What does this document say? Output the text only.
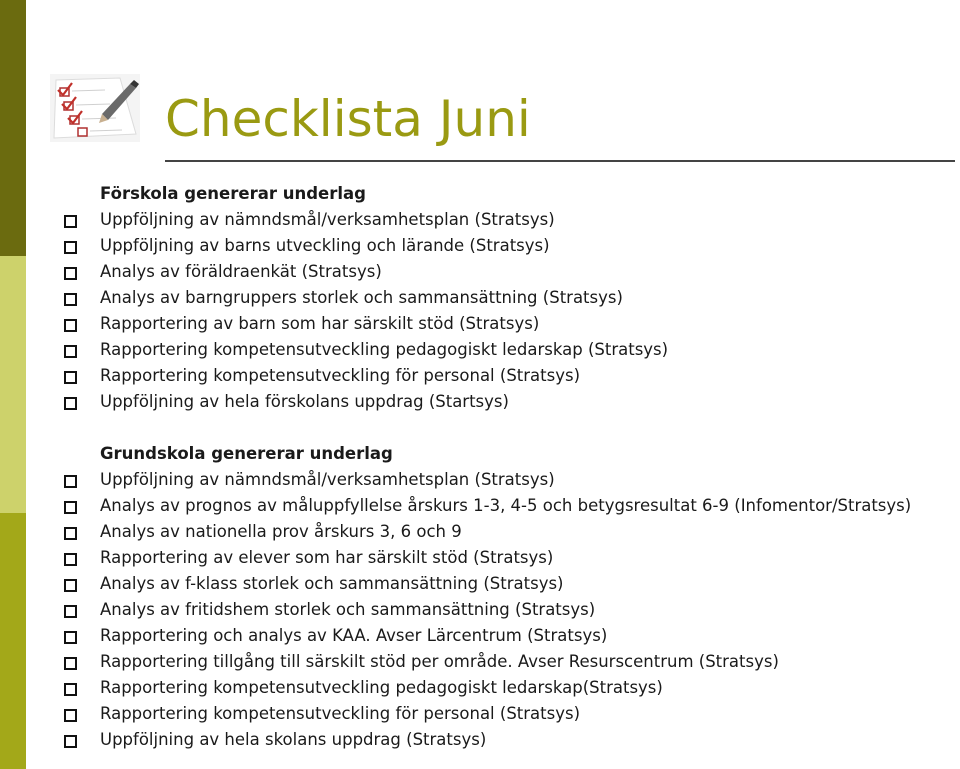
Checklista Juni
Förskola genererar underlag
Uppföljning av nämndsmål/verksamhetsplan (Stratsys)
Uppföljning av barns utveckling och lärande (Stratsys)
Analys av föräldraenkät (Stratsys)
Analys av barngruppers storlek och sammansättning (Stratsys)
Rapportering av barn som har särskilt stöd (Stratsys)
Rapportering kompetensutveckling pedagogiskt ledarskap (Stratsys)
Rapportering kompetensutveckling för personal (Stratsys)
Uppföljning av hela förskolans uppdrag (Startsys)
Grundskola genererar underlag
Uppföljning av nämndsmål/verksamhetsplan (Stratsys)
Analys av prognos av måluppfyllelse årskurs 1-3, 4-5 och betygsresultat 6-9 (Infomentor/Stratsys)
Analys av nationella prov årskurs 3, 6 och 9
Rapportering av elever som har särskilt stöd (Stratsys)
Analys av f-klass storlek och sammansättning (Stratsys)
Analys av fritidshem storlek och sammansättning (Stratsys)
Rapportering och analys av KAA. Avser Lärcentrum (Stratsys)
Rapportering tillgång till särskilt stöd per område. Avser Resurscentrum (Stratsys)
Rapportering kompetensutveckling pedagogiskt ledarskap(Stratsys)
Rapportering kompetensutveckling för personal (Stratsys)
Uppföljning av hela skolans uppdrag (Stratsys)
